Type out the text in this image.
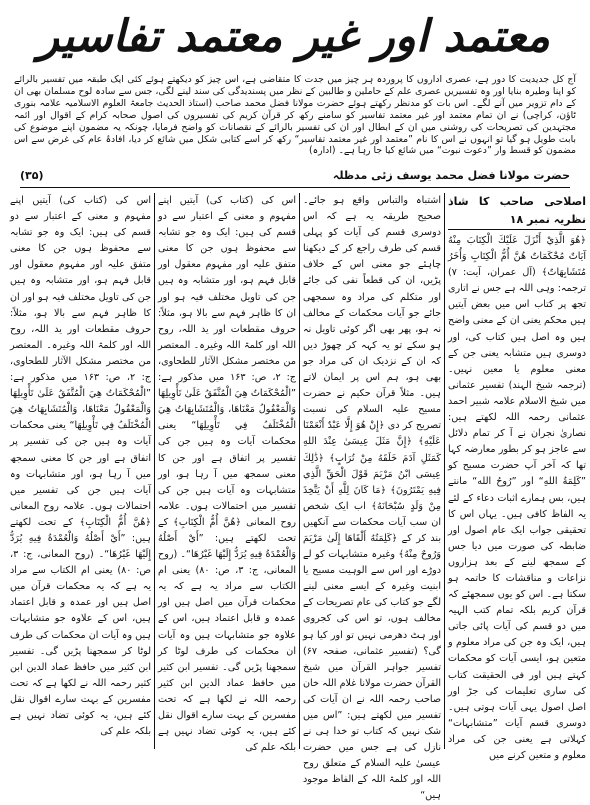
معتمد اور غیر معتمد تفاسیر
آج کل جدیدیت کا دور ہے، عصری اداروں کا پروردہ ہر چیز میں جدت کا متقاضی ہے، اس چیز کو دیکھتے ہوئے کئی ایک طبقہ میں تفسیر بالرائے کو اپنا وطیرہ بنایا اور وہ تفسیریں عصری علم کے حاملین و طالبین کے نظر میں پسندیدگی کی سند لینے لگی، جس سے سادہ لوح مسلمان بھی ان کے دام تزویر میں آنے لگے۔ اس بات کو مدنظر رکھتے ہوئے حضرت مولانا فضل محمد صاحب (استاذ الحدیث جامعۃ العلوم الاسلامیہ علامہ بنوری ٹاؤن، کراچی) نے ان تمام معتمد اور غیر معتمد تفاسیر کو سامنے رکھ کر قرآن کریم کی تفسیروں کی اصول صحابہ کرام کے اقوال اور ائمہ مجتہدین کی تصریحات کی روشنی میں ان کے ابطال اور ان کی تفسیر بالرائے کے نقصانات کو واضح فرمایا، چونکہ یہ مضمون اپنے موضوع کی بابت طویل ہو گیا تو انہوں نے اس کا نام ”معتمد اور غیر معتمد تفاسیر“ رکھ کر اسے کتابی شکل میں شائع کر دیا، افادۂ عام کی غرض سے اس مضمون کو قسط وار ”دعوت نبوت“ میں شائع کیا جا رہا ہے۔ (ادارہ)
حضرت مولانا فضل محمد یوسف زئی مدظلہ
(۳۵)
اصلاحی صاحب کا شاذ نظریہ نمبر ۱۸

﴿هُوَ الَّذِيْ أَنْزَلَ عَلَيْكَ الْكِتَابَ مِنْهُ آيَاتٌ مُحْكَمَاتٌ هُنَّ أُمُّ الْكِتَابِ وَأُخَرُ مُتَشَابِهَاتٌ﴾ (آل عمران، آیت: ۷) ترجمہ: وہی اللہ ہے جس نے اتاری تجھ پر کتاب اس میں بعض آیتیں ہیں محکم یعنی ان کے معنی واضح ہیں وہ اصل ہیں کتاب کی، اور دوسری ہیں متشابہ یعنی جن کے معنی معلوم یا معین نہیں۔ (ترجمہ شیخ الہند) تفسیر عثمانی میں شیخ الاسلام علامہ شبیر احمد عثمانی رحمہ اللہ لکھتے ہیں: نصاریٰ نجران نے آ کر تمام دلائل سے عاجز ہو کر بطور معارضہ کہا تھا کہ آخر آپ حضرت مسیح کو ”كَلِمَةُ اللهِ“ اور ”رُوحُ الله“ مانتے ہیں، بس ہمارے اثبات دعاء کے لئے یہ الفاظ کافی ہیں۔ یہاں اس کا تحقیقی جواب ایک عام اصول اور ضابطہ کی صورت میں دیا جس کے سمجھ لینے کے بعد ہزاروں نزاعات و مناقشات کا خاتمہ ہو سکتا ہے۔ اس کو یوں سمجھئے کہ قرآن کریم بلکہ تمام کتب الہیہ میں دو قسم کی آیات پائی جاتی ہیں، ایک وہ جن کی مراد معلوم و متعین ہو، ایسی آیات کو محکمات کہتے ہیں اور فی الحقیقت کتاب کی ساری تعلیمات کی جڑ اور اصل اصول یہی آیات ہوتی ہیں۔ دوسری قسم آیات ”متشابہات“ کہلاتی ہے یعنی جن کی مراد معلوم و متعین کرنے میں

اشتباہ والتباس واقع ہو جائے۔ صحیح طریقہ یہ ہے کہ اس دوسری قسم کی آیات کو پہلی قسم کی طرف راجع کر کے دیکھنا چاہئے جو معنی اس کے خلاف پڑیں، ان کی قطعاً نفی کی جائے اور متکلم کی مراد وہ سمجھی جائے جو آیات محکمات کے مخالف نہ ہو، پھر بھی اگر کوئی تاویل نہ ہو سکے تو یہ کہہ کر چھوڑ دیں کہ ان کے نزدیک ان کی مراد جو بھی ہو، ہم اس پر ایمان لاتے ہیں۔ مثلاً قرآن حکیم نے حضرت مسیح علیہ السلام کی نسبت تصریح کر دی ﴿إِنْ هُوَ إِلَّا عَبْدٌ أَنْعَمْنَا عَلَيْهِ﴾ ﴿إِنَّ مَثَلَ عِيسَىٰ عِنْدَ اللهِ كَمَثَلِ آدَمَ خَلَقَهُ مِنْ تُرَابٍ﴾ ﴿ذَٰلِكَ عِيسَى ابْنُ مَرْيَمَ قَوْلَ الْحَقِّ الَّذِي فِيهِ يَمْتَرُونَ﴾ ﴿مَا كَانَ لِلَّهِ أَنْ يَتَّخِذَ مِنْ وَلَدٍ سُبْحَانَهُ﴾ اب ایک شخص ان سب آیات محکمات سے آنکھیں بند کر کے ﴿كَلِمَتُهُ أَلْقَاهَا إِلَىٰ مَرْيَمَ وَرُوحٌ مِنْهُ﴾ وغیرہ متشابہات کو لے دوڑے اور اس سے الوہیت مسیح یا ابنیت وغیرہ کے ایسے معنی لینے لگے جو کتاب کی عام تصریحات کے مخالف ہوں، تو اس کی کجروی اور ہٹ دھرمی نہیں تو اور کیا ہو گی؟ (تفسیر عثمانی، صفحہ ۶۷) تفسیر جواہر القرآن میں شیخ القرآن حضرت مولانا غلام اللہ خان صاحب رحمہ اللہ نے ان آیات کی تفسیر میں لکھتے ہیں: ”اس میں شک نہیں کہ کتاب تو خدا ہی نے نازل کی ہے جس میں حضرت عیسیٰ علیہ السلام کے متعلق روح اللہ اور کلمۃ اللہ کے الفاظ موجود ہیں“

اس کی (کتاب کی) آیتیں اپنے مفہوم و معنی کے اعتبار سے دو قسم کی ہیں: ایک وہ جو تشابہ سے محفوظ ہوں جن کا معنی متفق علیہ اور مفہوم معقول اور قابل فہم ہو، اور متشابہ وہ ہیں جن کی تاویل مختلف فیہ ہو اور ان کا ظاہر فہم سے بالا ہو، مثلاً: حروف مقطعات اور ید اللہ، روح اللہ اور کلمۃ اللہ وغیرہ۔ المعتصر من مختصر مشکل الآثار للطحاوی، ج: ۲، ص: ۱۶۳ میں مذکور ہے: ”الْمُحْكَمَاتُ هِيَ الْمُتَّفَقُ عَلَىٰ تَأْوِيلِهَا وَالْمَعْقُولُ مَعْنَاهَا، وَالْمُتَشَابِهَاتُ هِيَ الْمُخْتَلَفُ فِي تَأْوِيلِهَا“ یعنی محکمات آیات وہ ہیں جن کی تفسیر پر اتفاق ہے اور جن کا معنی سمجھ میں آ رہا ہو، اور متشابہات وہ آیات ہیں جن کی تفسیر میں احتمالات ہوں۔ علامہ روح المعانی ﴿هُنَّ أُمُّ الْكِتَابِ﴾ کے تحت لکھتے ہیں: ”أَيْ أَصْلُهُ وَالْعُمْدَةُ فِيهِ يُرَدُّ إِلَيْهَا غَيْرُهَا“۔ (روح المعانی، ج: ۳، ص: ۸۰) یعنی ام الکتاب سے مراد یہ ہے کہ یہ محکمات قرآن میں اصل ہیں اور عمدہ و قابل اعتماد ہیں، اس کے علاوہ جو متشابہات ہیں وہ آیات ان محکمات کی طرف لوٹا کر سمجھنا پڑیں گی۔ تفسیر ابن کثیر میں حافظ عماد الدین ابن کثیر رحمہ اللہ نے لکھا ہے کہ تحت مفسرین کے بہت سارے اقوال نقل کئے ہیں، یہ کوئی تضاد نہیں ہے بلکہ علم کی

اس کی (کتاب کی) آیتیں اپنے مفہوم و معنی کے اعتبار سے دو قسم کی ہیں: ایک وہ جو تشابہ سے محفوظ ہوں جن کا معنی متفق علیہ اور مفہوم معقول اور قابل فہم ہو، اور متشابہ وہ ہیں جن کی تاویل مختلف فیہ ہو اور ان کا ظاہر فہم سے بالا ہو، مثلاً: حروف مقطعات اور ید اللہ، روح اللہ اور کلمۃ اللہ وغیرہ۔ المعتصر من مختصر مشکل الآثار للطحاوی، ج: ۲، ص: ۱۶۳ میں مذکور ہے: ”الْمُحْكَمَاتُ هِيَ الْمُتَّفَقُ عَلَىٰ تَأْوِيلِهَا وَالْمَعْقُولُ مَعْنَاهَا، وَالْمُتَشَابِهَاتُ هِيَ الْمُخْتَلَفُ فِي تَأْوِيلِهَا“ یعنی محکمات آیات وہ ہیں جن کی تفسیر پر اتفاق ہے اور جن کا معنی سمجھ میں آ رہا ہو، اور متشابہات وہ آیات ہیں جن کی تفسیر میں احتمالات ہوں۔ علامہ روح المعانی ﴿هُنَّ أُمُّ الْكِتَابِ﴾ کے تحت لکھتے ہیں: ”أَيْ أَصْلُهُ وَالْعُمْدَةُ فِيهِ يُرَدُّ إِلَيْهَا غَيْرُهَا“۔ (روح المعانی، ج: ۳، ص: ۸۰) یعنی ام الکتاب سے مراد یہ ہے کہ یہ محکمات قرآن میں اصل ہیں اور عمدہ و قابل اعتماد ہیں، اس کے علاوہ جو متشابہات ہیں وہ آیات ان محکمات کی طرف لوٹا کر سمجھنا پڑیں گی۔ تفسیر ابن کثیر میں حافظ عماد الدین ابن کثیر رحمہ اللہ نے لکھا ہے کہ تحت مفسرین کے بہت سارے اقوال نقل کئے ہیں، یہ کوئی تضاد نہیں ہے بلکہ علم کی
